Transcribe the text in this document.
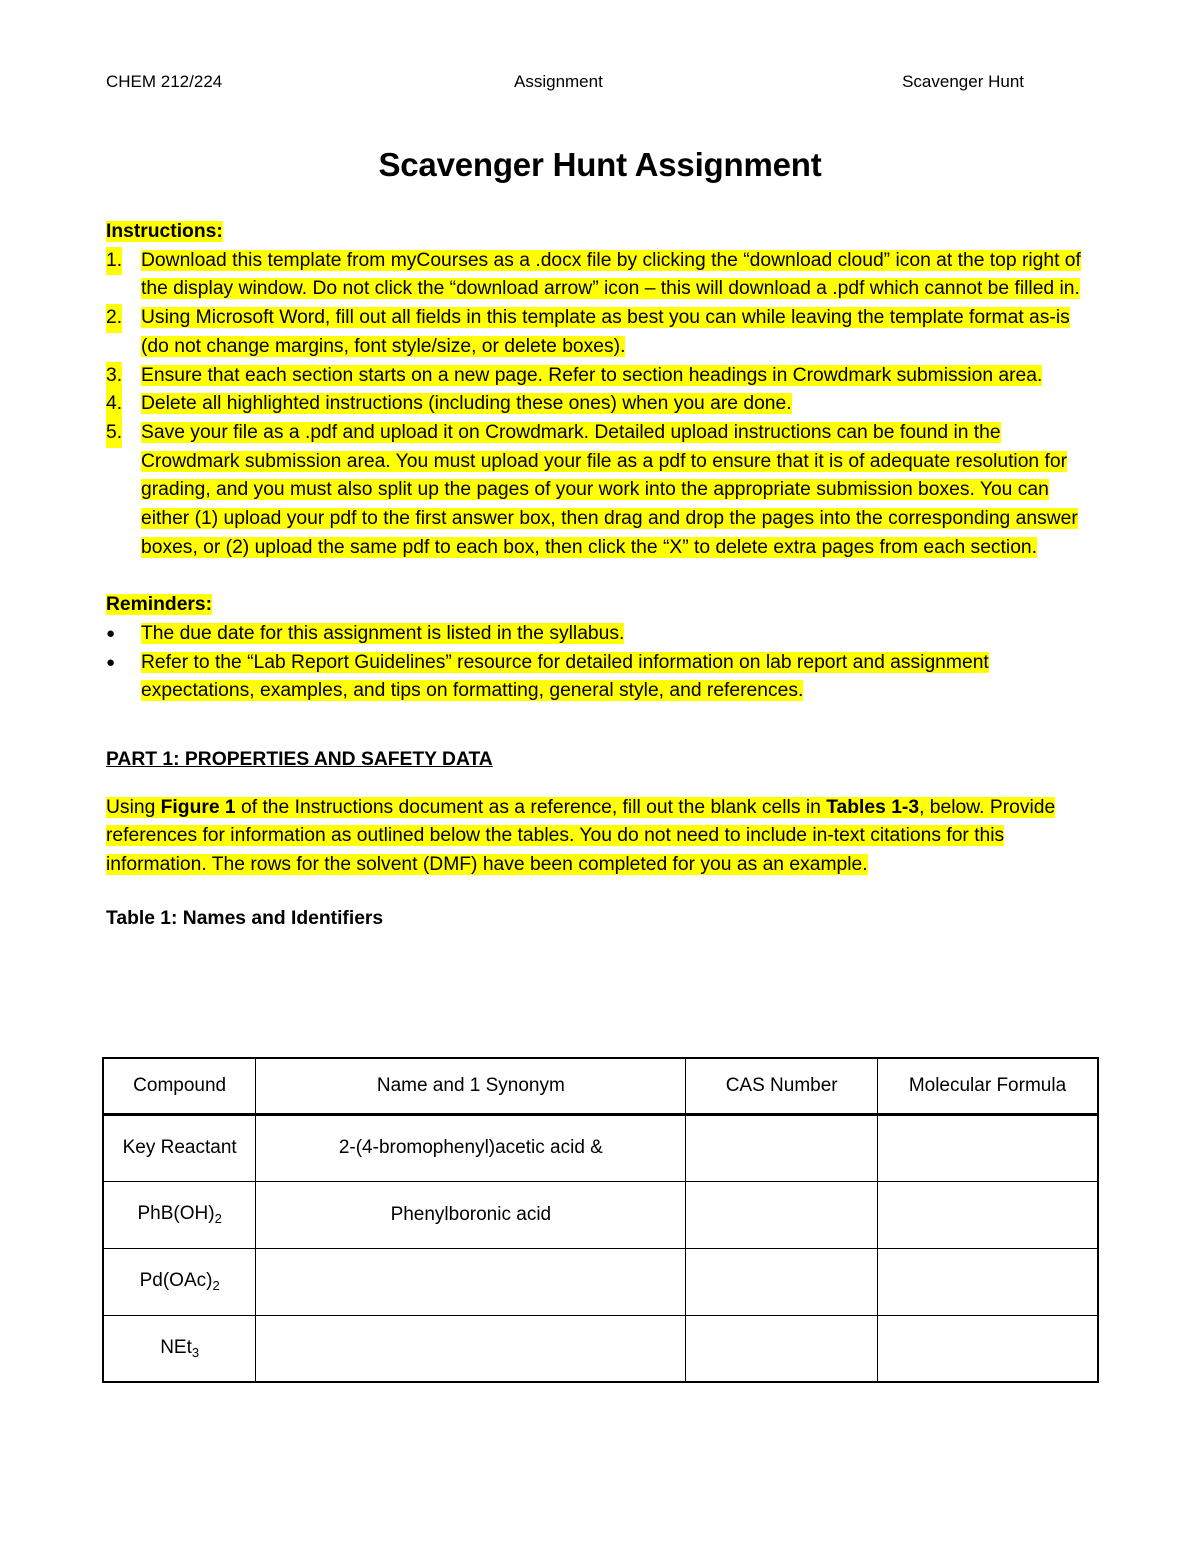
CHEM 212/224	Assignment	Scavenger Hunt
Scavenger Hunt Assignment
Instructions:
1. Download this template from myCourses as a .docx file by clicking the “download cloud” icon at the top right of the display window. Do not click the “download arrow” icon – this will download a .pdf which cannot be filled in.
2. Using Microsoft Word, fill out all fields in this template as best you can while leaving the template format as-is (do not change margins, font style/size, or delete boxes).
3. Ensure that each section starts on a new page. Refer to section headings in Crowdmark submission area.
4. Delete all highlighted instructions (including these ones) when you are done.
5. Save your file as a .pdf and upload it on Crowdmark. Detailed upload instructions can be found in the Crowdmark submission area. You must upload your file as a pdf to ensure that it is of adequate resolution for grading, and you must also split up the pages of your work into the appropriate submission boxes. You can either (1) upload your pdf to the first answer box, then drag and drop the pages into the corresponding answer boxes, or (2) upload the same pdf to each box, then click the “X” to delete extra pages from each section.
Reminders:
● The due date for this assignment is listed in the syllabus.
● Refer to the “Lab Report Guidelines” resource for detailed information on lab report and assignment expectations, examples, and tips on formatting, general style, and references.
PART 1: PROPERTIES AND SAFETY DATA
Using Figure 1 of the Instructions document as a reference, fill out the blank cells in Tables 1-3, below. Provide references for information as outlined below the tables. You do not need to include in-text citations for this information. The rows for the solvent (DMF) have been completed for you as an example.
Table 1: Names and Identifiers
Compound	Name and 1 Synonym	CAS Number	Molecular Formula
Key Reactant	2-(4-bromophenyl)acetic acid &		
$PhB(OH)_2$	Phenylboronic acid		
$Pd(OAc)_2$			
NEt$_3$			
